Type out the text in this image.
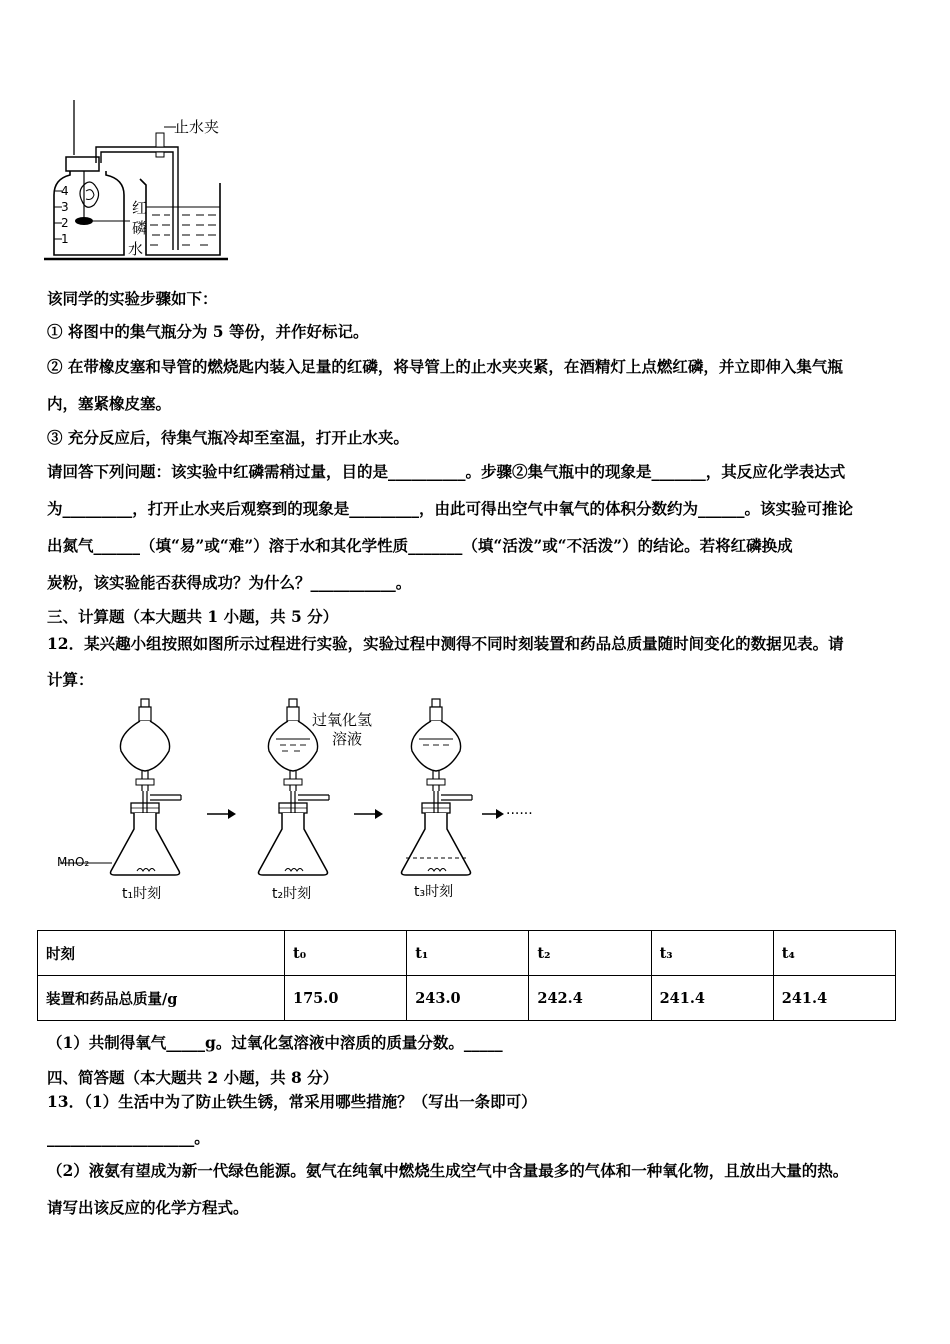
4
3
2
1
止水夹
红
磷
水
该同学的实验步骤如下：
① 将图中的集气瓶分为 5 等份，并作好标记。
② 在带橡皮塞和导管的燃烧匙内装入足量的红磷，将导管上的止水夹夹紧，在酒精灯上点燃红磷，并立即伸入集气瓶
内，塞紧橡皮塞。
③ 充分反应后，待集气瓶冷却至室温，打开止水夹。
请回答下列问题：该实验中红磷需稍过量，目的是__________。步骤②集气瓶中的现象是_______，其反应化学表达式
为_________，打开止水夹后观察到的现象是_________，由此可得出空气中氧气的体积分数约为______。该实验可推论
出氮气______（填“易”或“难”）溶于水和其化学性质_______（填“活泼”或“不活泼”）的结论。若将红磷换成
炭粉，该实验能否获得成功？为什么？___________。
三、计算题（本大题共 1 小题，共 5 分）
12．某兴趣小组按照如图所示过程进行实验，实验过程中测得不同时刻装置和药品总质量随时间变化的数据见表。请
计算：
MnO₂
t₁时刻
过氧化氢
溶液
t₂时刻	t₃时刻
······
时刻	t₀	t₁	t₂	t₃	t₄
装置和药品总质量/g	175.0	243.0	242.4	241.4	241.4
（1）共制得氧气_____g。过氧化氢溶液中溶质的质量分数。_____
四、简答题（本大题共 2 小题，共 8 分）
13．（1）生活中为了防止铁生锈，常采用哪些措施？（写出一条即可）
___________________。
（2）液氨有望成为新一代绿色能源。氨气在纯氧中燃烧生成空气中含量最多的气体和一种氧化物，且放出大量的热。
请写出该反应的化学方程式。
